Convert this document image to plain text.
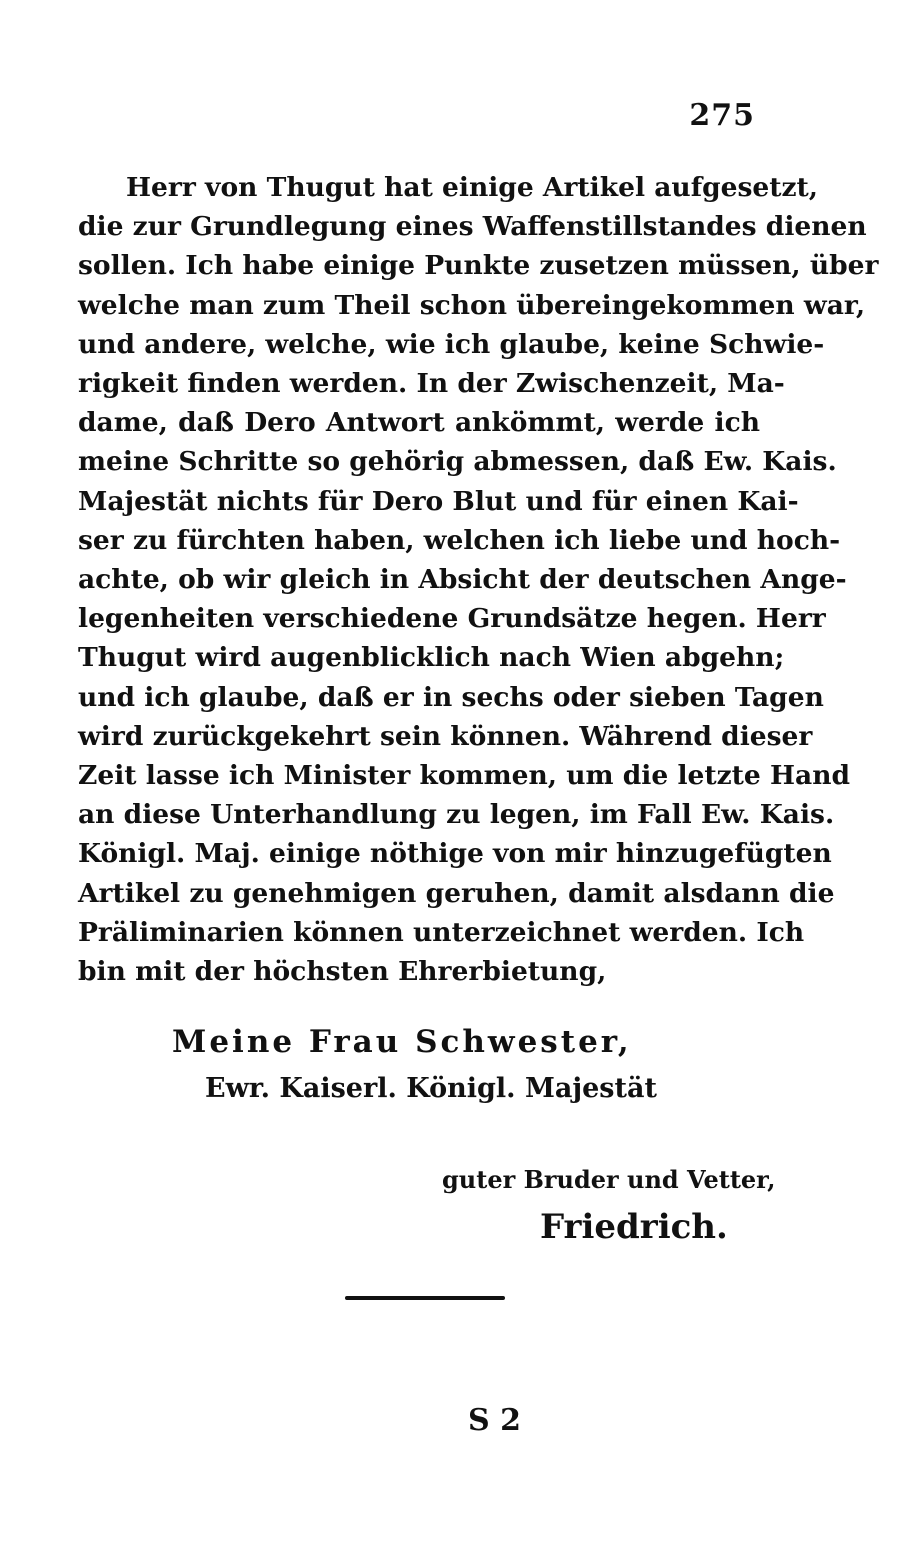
275
Herr von Thugut hat einige Artikel aufgesetzt,
die zur Grundlegung eines Waffenstillstandes dienen
sollen. Ich habe einige Punkte zusetzen müssen, über
welche man zum Theil schon übereingekommen war,
und andere, welche, wie ich glaube, keine Schwie-
rigkeit finden werden. In der Zwischenzeit, Ma-
dame, daß Dero Antwort ankömmt, werde ich
meine Schritte so gehörig abmessen, daß Ew. Kais.
Majestät nichts für Dero Blut und für einen Kai-
ser zu fürchten haben, welchen ich liebe und hoch-
achte, ob wir gleich in Absicht der deutschen Ange-
legenheiten verschiedene Grundsätze hegen. Herr
Thugut wird augenblicklich nach Wien abgehn;
und ich glaube, daß er in sechs oder sieben Tagen
wird zurückgekehrt sein können. Während dieser
Zeit lasse ich Minister kommen, um die letzte Hand
an diese Unterhandlung zu legen, im Fall Ew. Kais.
Königl. Maj. einige nöthige von mir hinzugefügten
Artikel zu genehmigen geruhen, damit alsdann die
Präliminarien können unterzeichnet werden. Ich
bin mit der höchsten Ehrerbietung,
Meine Frau Schwester,
Ewr. Kaiserl. Königl. Majestät
guter Bruder und Vetter,
Friedrich.
S 2
